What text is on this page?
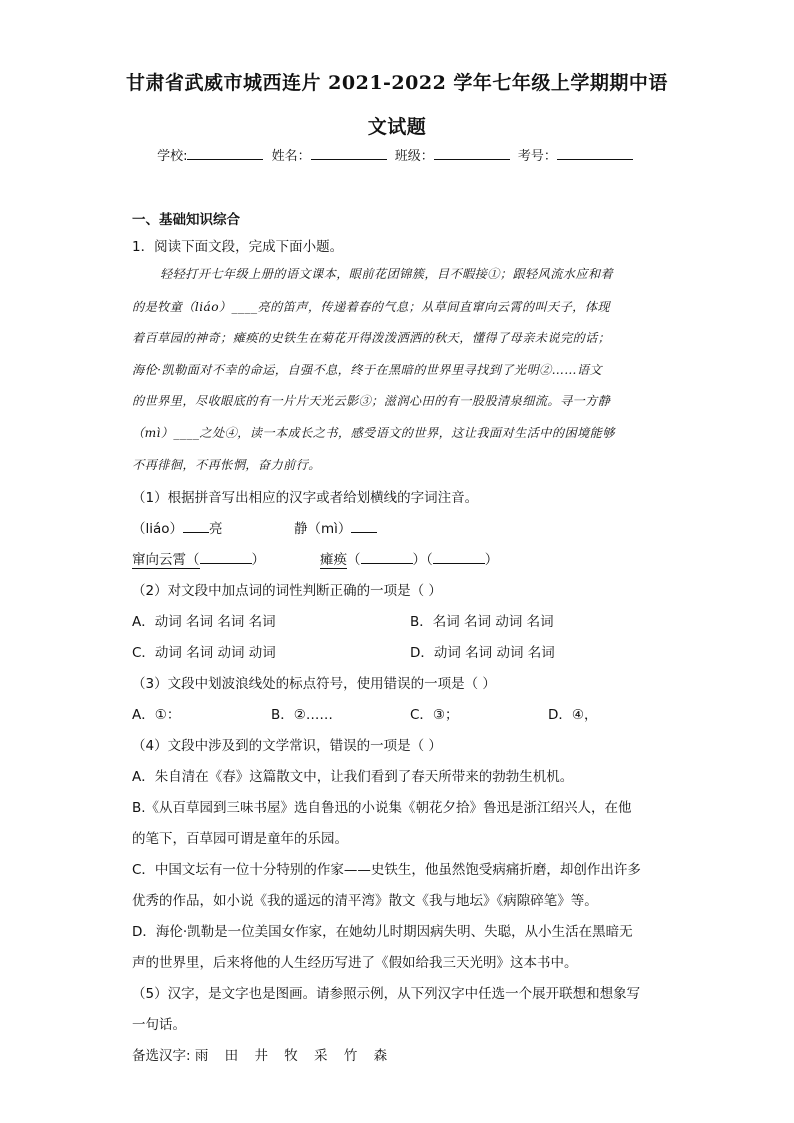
甘肃省武威市城西连片 2021-2022 学年七年级上学期期中语
文试题
学校:	姓名：	班级：	考号：
一、基础知识综合
1．阅读下面文段，完成下面小题。
轻轻打开七年级上册的语文课本，眼前花团锦簇，目不暇接①；跟轻风流水应和着
的是牧童（liáo）____亮的笛声，传递着春的气息；从草间直窜向云霄的叫天子，体现
着百草园的神奇；瘫痪的史铁生在菊花开得泼泼洒洒的秋天，懂得了母亲未说完的话；
海伦·凯勒面对不幸的命运，自强不息，终于在黑暗的世界里寻找到了光明②……语文
的世界里，尽收眼底的有一片片天光云影③；滋润心田的有一股股清泉细流。寻一方静
（mì）____之处④，读一本成长之书，感受语文的世界，这让我面对生活中的困境能够
不再徘徊，不再怅惘，奋力前行。
（1）根据拼音写出相应的汉字或者给划横线的字词注音。
（liáo） 亮	静（mì）
窜向云霄（	）	瘫痪（	）（	）
（2）对文段中加点词的词性判断正确的一项是（ ）
A．动词 名词 名词 名词	B．名词 名词 动词 名词
C．动词 名词 动词 动词	D．动词 名词 动词 名词
（3）文段中划波浪线处的标点符号，使用错误的一项是（ ）
A．①：	B．②……	C．③；	D．④，
（4）文段中涉及到的文学常识，错误的一项是（ ）
A．朱自清在《春》这篇散文中，让我们看到了春天所带来的勃勃生机机。
B.《从百草园到三味书屋》选自鲁迅的小说集《朝花夕拾》鲁迅是浙江绍兴人，在他
的笔下，百草园可谓是童年的乐园。
C．中国文坛有一位十分特别的作家——史铁生，他虽然饱受病痛折磨，却创作出许多
优秀的作品，如小说《我的遥远的清平湾》散文《我与地坛》《病隙碎笔》等。
D．海伦·凯勒是一位美国女作家，在她幼儿时期因病失明、失聪，从小生活在黑暗无
声的世界里，后来将他的人生经历写进了《假如给我三天光明》这本书中。
（5）汉字，是文字也是图画。请参照示例，从下列汉字中任选一个展开联想和想象写
一句话。
备选汉字: 雨 田 井 牧 采 竹 森
